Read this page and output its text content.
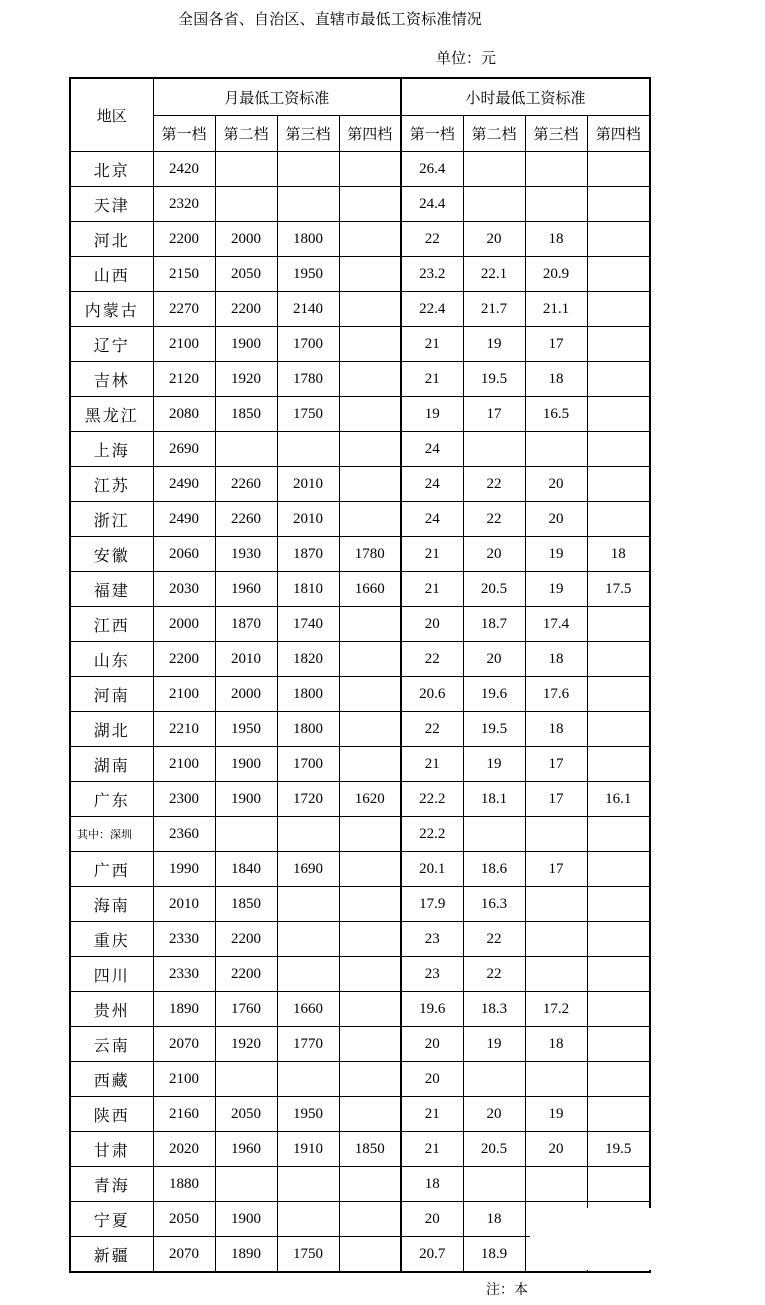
全国各省、自治区、直辖市最低工资标准情况
单位：元
地区	月最低工资标准				小时最低工资标准			
	第一档	第二档	第三档	第四档	第一档	第二档	第三档	第四档
北京	2420				26.4			
天津	2320				24.4			
河北	2200	2000	1800		22	20	18	
山西	2150	2050	1950		23.2	22.1	20.9	
内蒙古	2270	2200	2140		22.4	21.7	21.1	
辽宁	2100	1900	1700		21	19	17	
吉林	2120	1920	1780		21	19.5	18	
黑龙江	2080	1850	1750		19	17	16.5	
上海	2690				24			
江苏	2490	2260	2010		24	22	20	
浙江	2490	2260	2010		24	22	20	
安徽	2060	1930	1870	1780	21	20	19	18
福建	2030	1960	1810	1660	21	20.5	19	17.5
江西	2000	1870	1740		20	18.7	17.4	
山东	2200	2010	1820		22	20	18	
河南	2100	2000	1800		20.6	19.6	17.6	
湖北	2210	1950	1800		22	19.5	18	
湖南	2100	1900	1700		21	19	17	
广东	2300	1900	1720	1620	22.2	18.1	17	16.1
其中：深圳	2360				22.2			
广西	1990	1840	1690		20.1	18.6	17	
海南	2010	1850			17.9	16.3		
重庆	2330	2200			23	22		
四川	2330	2200			23	22		
贵州	1890	1760	1660		19.6	18.3	17.2	
云南	2070	1920	1770		20	19	18	
西藏	2100				20			
陕西	2160	2050	1950		21	20	19	
甘肃	2020	1960	1910	1850	21	20.5	20	19.5
青海	1880				18			
宁夏	2050	1900			20	18		
新疆	2070	1890	1750		20.7	18.9		
注：本
